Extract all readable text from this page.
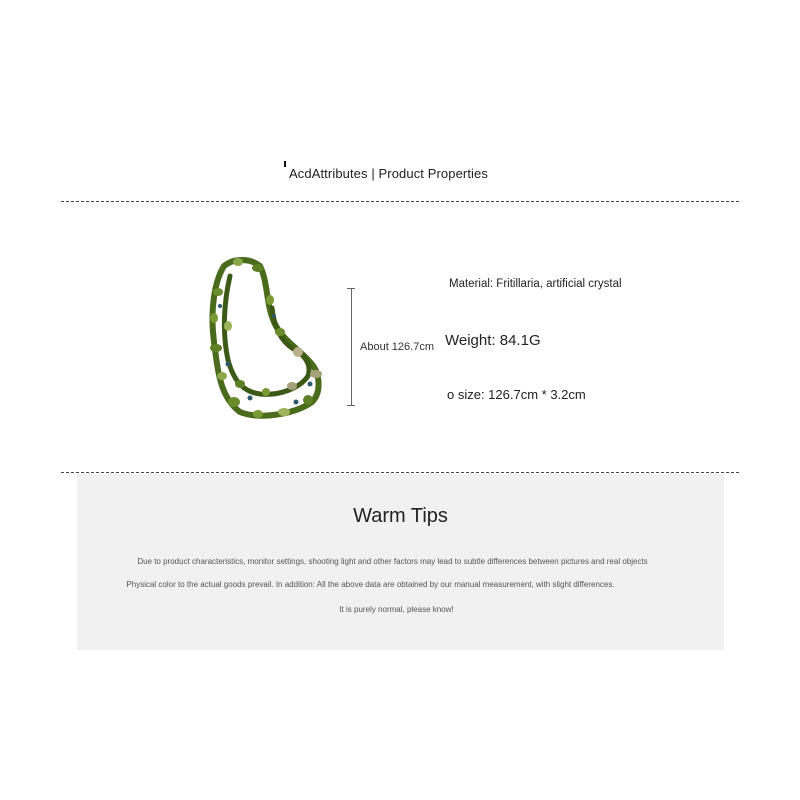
AcdAttributes | Product Properties
About 126.7cm
Material: Fritillaria, artificial crystal
Weight: 84.1G
o size: 126.7cm * 3.2cm
Warm Tips
Due to product characteristics, monitor settings, shooting light and other factors may lead to subtle differences between pictures and real objects
Physical color to the actual goods prevail. In addition: All the above data are obtained by our manual measurement, with slight differences.
It is purely normal, please know!
